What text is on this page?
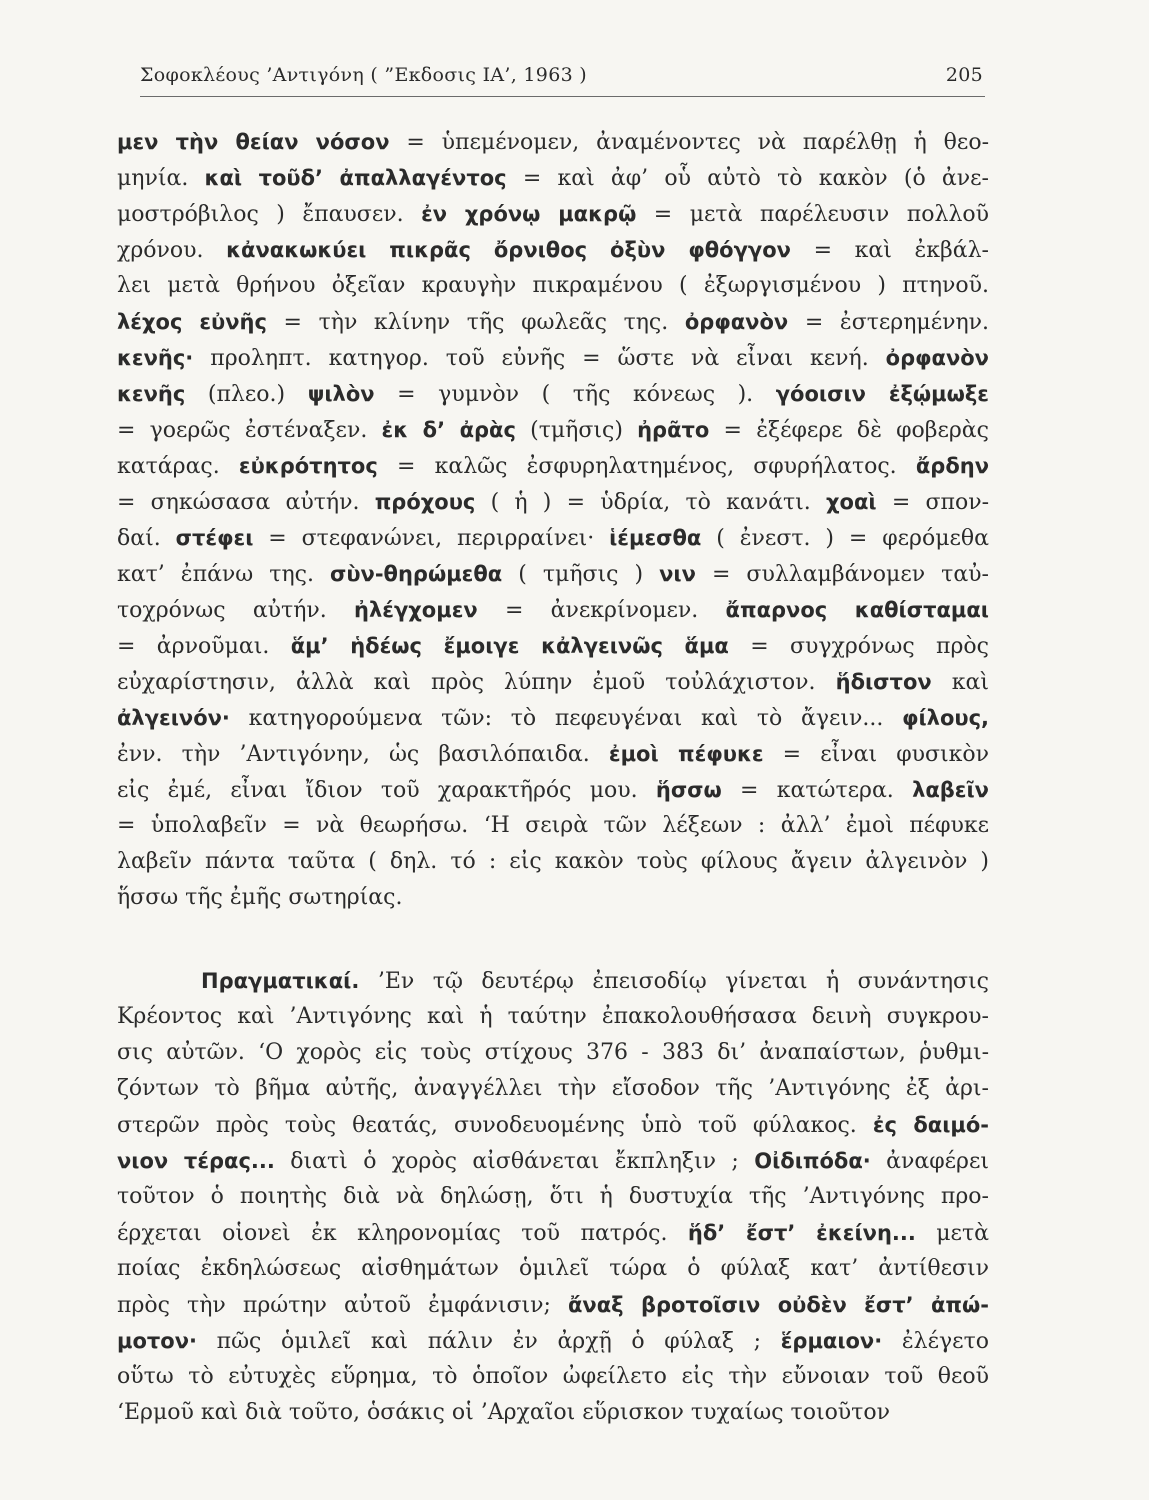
Σοφοκλέους ’Αντιγόνη ( ”Εκδοσις ΙΑ’, 1963 )	205
μεν τὴν θείαν νόσον = ὑπεμένομεν, ἀναμένοντες νὰ παρέλθῃ ἡ θεο-
μηνία. καὶ τοῦδ’ ἀπαλλαγέντος = καὶ ἀφ’ οὗ αὐτὸ τὸ κακὸν (ὁ ἀνε-
μοστρόβιλος ) ἔπαυσεν. ἐν χρόνῳ μακρῷ = μετὰ παρέλευσιν πολλοῦ
χρόνου. κἀνακωκύει πικρᾶς ὄρνιθος ὀξὺν φθόγγον = καὶ ἐκβάλ-
λει μετὰ θρήνου ὀξεῖαν κραυγὴν πικραμένου ( ἐξωργισμένου ) πτηνοῦ.
λέχος εὐνῆς = τὴν κλίνην τῆς φωλεᾶς της. ὀρφανὸν = ἐστερημένην.
κενῆς· προληπτ. κατηγορ. τοῦ εὐνῆς = ὥστε νὰ εἶναι κενή. ὀρφανὸν
κενῆς (πλεο.) ψιλὸν = γυμνὸν ( τῆς κόνεως ). γόοισιν ἐξῴμωξε
= γοερῶς ἐστέναξεν. ἐκ δ’ ἀρὰς (τμῆσις) ἠρᾶτο = ἐξέφερε δὲ φοβερὰς
κατάρας. εὐκρότητος = καλῶς ἐσφυρηλατημένος, σφυρήλατος. ἄρδην
= σηκώσασα αὐτήν. πρόχους ( ἡ ) = ὑδρία, τὸ κανάτι. χοαὶ = σπον-
δαί. στέφει = στεφανώνει, περιρραίνει· ἱέμεσθα ( ἐνεστ. ) = φερόμεθα
κατ’ ἐπάνω της. σὺν-θηρώμεθα ( τμῆσις ) νιν = συλλαμβάνομεν ταὐ-
τοχρόνως αὐτήν. ἠλέγχομεν = ἀνεκρίνομεν. ἄπαρνος καθίσταμαι
= ἀρνοῦμαι. ἅμ’ ἡδέως ἔμοιγε κἀλγεινῶς ἅμα = συγχρόνως πρὸς
εὐχαρίστησιν, ἀλλὰ καὶ πρὸς λύπην ἐμοῦ τοὐλάχιστον. ἥδιστον καὶ
ἀλγεινόν· κατηγορούμενα τῶν: τὸ πεφευγέναι καὶ τὸ ἄγειν... φίλους,
ἐνν. τὴν ’Αντιγόνην, ὡς βασιλόπαιδα. ἐμοὶ πέφυκε = εἶναι φυσικὸν
εἰς ἐμέ, εἶναι ἴδιον τοῦ χαρακτῆρός μου. ἥσσω = κατώτερα. λαβεῖν
= ὑπολαβεῖν = νὰ θεωρήσω. ‘Η σειρὰ τῶν λέξεων : ἀλλ’ ἐμοὶ πέφυκε
λαβεῖν πάντα ταῦτα ( δηλ. τό : εἰς κακὸν τοὺς φίλους ἄγειν ἀλγεινὸν )
ἥσσω τῆς ἐμῆς σωτηρίας.
Πραγματικαί. ’Εν τῷ δευτέρῳ ἐπεισοδίῳ γίνεται ἡ συνάντησις
Κρέοντος καὶ ’Αντιγόνης καὶ ἡ ταύτην ἐπακολουθήσασα δεινὴ συγκρου-
σις αὐτῶν. ‘Ο χορὸς εἰς τοὺς στίχους 376 - 383 δι’ ἀναπαίστων, ῥυθμι-
ζόντων τὸ βῆμα αὐτῆς, ἀναγγέλλει τὴν εἴσοδον τῆς ’Αντιγόνης ἐξ ἀρι-
στερῶν πρὸς τοὺς θεατάς, συνοδευομένης ὑπὸ τοῦ φύλακος. ἐς δαιμό-
νιον τέρας... διατὶ ὁ χορὸς αἰσθάνεται ἔκπληξιν ; Οἰδιπόδα· ἀναφέρει
τοῦτον ὁ ποιητὴς διὰ νὰ δηλώσῃ, ὅτι ἡ δυστυχία τῆς ’Αντιγόνης προ-
έρχεται οἱονεὶ ἐκ κληρονομίας τοῦ πατρός. ἥδ’ ἔστ’ ἐκείνη... μετὰ
ποίας ἐκδηλώσεως αἰσθημάτων ὁμιλεῖ τώρα ὁ φύλαξ κατ’ ἀντίθεσιν
πρὸς τὴν πρώτην αὐτοῦ ἐμφάνισιν; ἄναξ βροτοῖσιν οὐδὲν ἔστ’ ἀπώ-
μοτον· πῶς ὁμιλεῖ καὶ πάλιν ἐν ἀρχῇ ὁ φύλαξ ; ἕρμαιον· ἐλέγετο
οὕτω τὸ εὐτυχὲς εὕρημα, τὸ ὁποῖον ὠφείλετο εἰς τὴν εὔνοιαν τοῦ θεοῦ
‘Ερμοῦ καὶ διὰ τοῦτο, ὁσάκις οἱ ’Αρχαῖοι εὕρισκον τυχαίως τοιοῦτον
